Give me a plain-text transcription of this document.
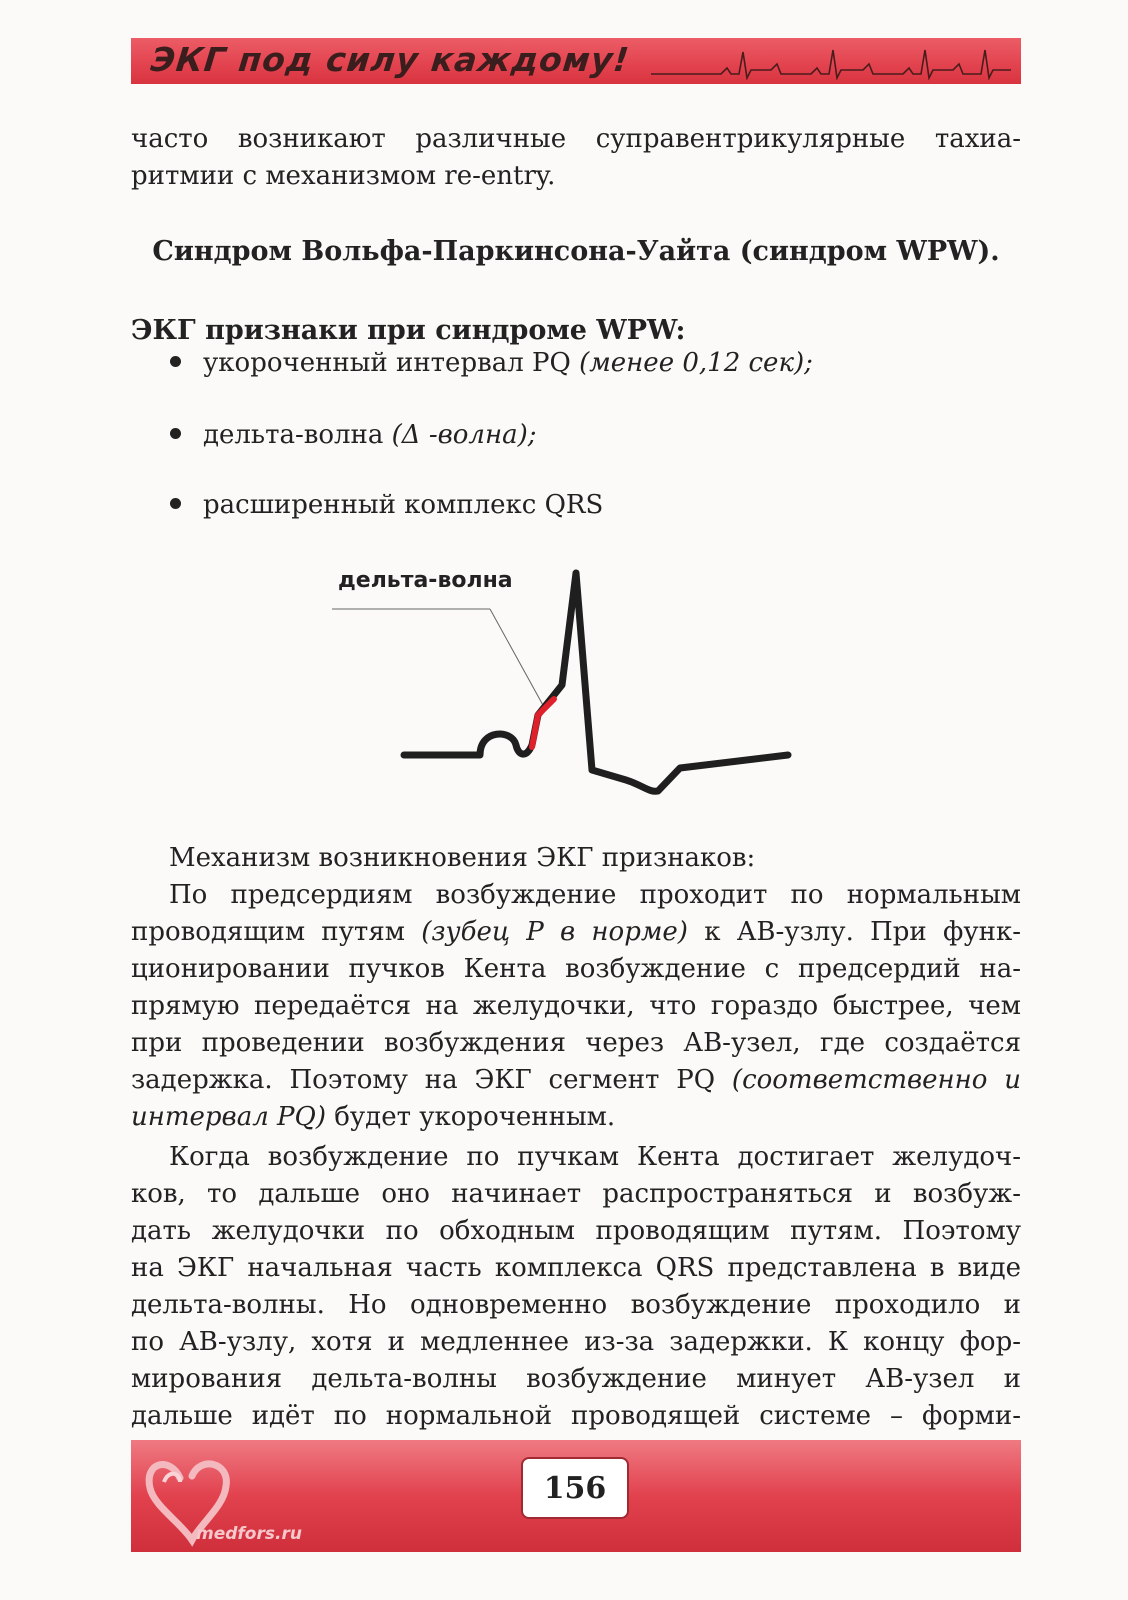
ЭКГ под силу каждому!
часто возникают различные суправентрикулярные тахиа-
ритмии с механизмом re-entry.
Синдром Вольфа-Паркинсона-Уайта (синдром WPW).
ЭКГ признаки при синдроме WPW:
укороченный интервал PQ (менее 0,12 сек);
дельта-волна (Δ -волна);
расширенный комплекс QRS
дельта-волна
Механизм возникновения ЭКГ признаков:
По предсердиям возбуждение проходит по нормальным
проводящим путям (зубец Р в норме) к АВ-узлу. При функ-
ционировании пучков Кента возбуждение с предсердий на-
прямую передаётся на желудочки, что гораздо быстрее, чем
при проведении возбуждения через АВ-узел, где создаётся
задержка. Поэтому на ЭКГ сегмент PQ (соответственно и
интервал PQ) будет укороченным.
Когда возбуждение по пучкам Кента достигает желудоч-
ков, то дальше оно начинает распространяться и возбуж-
дать желудочки по обходным проводящим путям. Поэтому
на ЭКГ начальная часть комплекса QRS представлена в виде
дельта-волны. Но одновременно возбуждение проходило и
по АВ-узлу, хотя и медленнее из-за задержки. К концу фор-
мирования дельта-волны возбуждение минует АВ-узел и
дальше идёт по нормальной проводящей системе – форми-
medfors.ru
156
